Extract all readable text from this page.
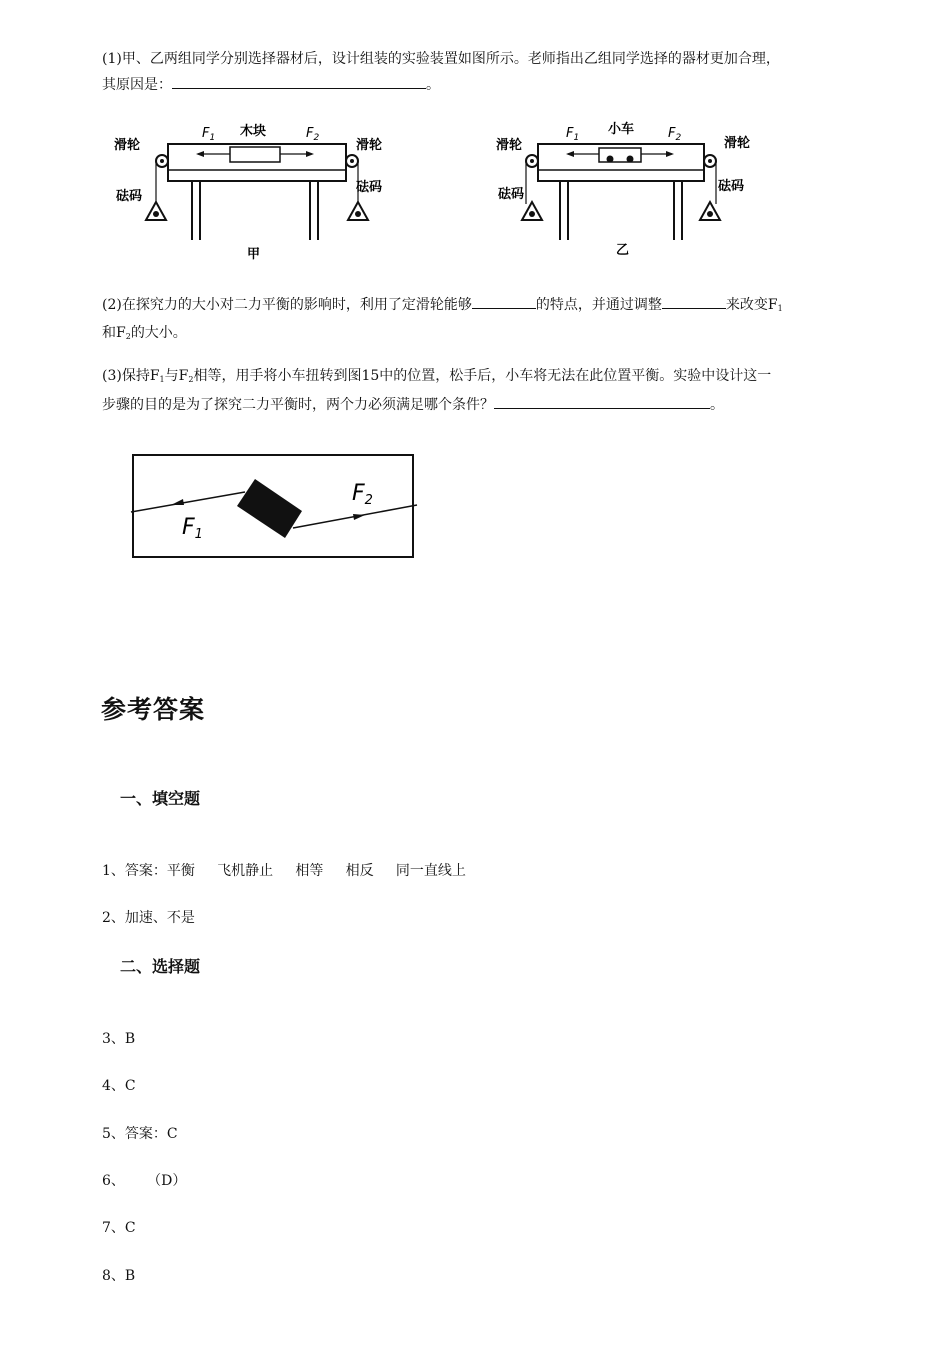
(1)甲、乙两组同学分别选择器材后，设计组装的实验装置如图所示。老师指出乙组同学选择的器材更加合理，
其原因是：	。
滑轮	滑轮
砝码
砝码
木块
$F_1$	$F_2$
甲
滑轮	滑轮
砝码
砝码
小车
$F_1$	$F_2$
乙
(2)在探究力的大小对二力平衡的影响时，利用了定滑轮能够	的特点，并通过调整	来改变$F_1$
和$F_2$的大小。
(3)保持$F_1$与$F_2$相等，用手将小车扭转到图15中的位置，松手后，小车将无法在此位置平衡。实验中设计这一
步骤的目的是为了探究二力平衡时，两个力必须满足哪个条件？	。
F1
F2
参考答案
一、填空题
1、答案：平衡     飞机静止     相等     相反     同一直线上
2、加速、不是
二、选择题
3、B
4、C
5、答案：C
6、     （D）
7、C
8、B
